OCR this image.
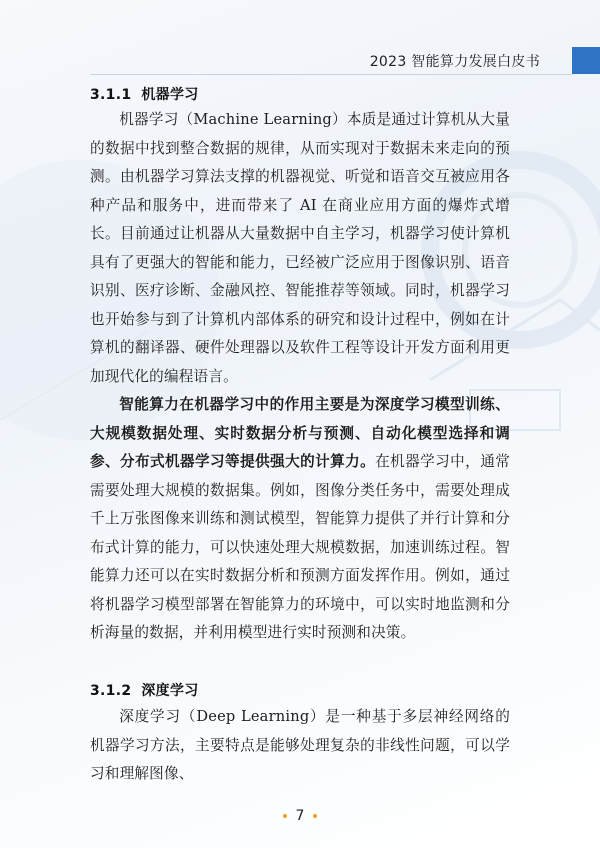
2023 智能算力发展白皮书
3.1.1 机器学习
机器学习（Machine Learning）本质是通过计算机从大量的数据中找到整合数据的规律，从而实现对于数据未来走向的预测。由机器学习算法支撑的机器视觉、听觉和语音交互被应用各种产品和服务中，进而带来了 AI 在商业应用方面的爆炸式增长。目前通过让机器从大量数据中自主学习，机器学习使计算机具有了更强大的智能和能力，已经被广泛应用于图像识别、语音识别、医疗诊断、金融风控、智能推荐等领域。同时，机器学习也开始参与到了计算机内部体系的研究和设计过程中，例如在计算机的翻译器、硬件处理器以及软件工程等设计开发方面利用更加现代化的编程语言。
智能算力在机器学习中的作用主要是为深度学习模型训练、大规模数据处理、实时数据分析与预测、自动化模型选择和调参、分布式机器学习等提供强大的计算力。在机器学习中，通常需要处理大规模的数据集。例如，图像分类任务中，需要处理成千上万张图像来训练和测试模型，智能算力提供了并行计算和分布式计算的能力，可以快速处理大规模数据，加速训练过程。智能算力还可以在实时数据分析和预测方面发挥作用。例如，通过将机器学习模型部署在智能算力的环境中，可以实时地监测和分析海量的数据，并利用模型进行实时预测和决策。
3.1.2 深度学习
深度学习（Deep Learning）是一种基于多层神经网络的机器学习方法，主要特点是能够处理复杂的非线性问题，可以学习和理解图像、
7
